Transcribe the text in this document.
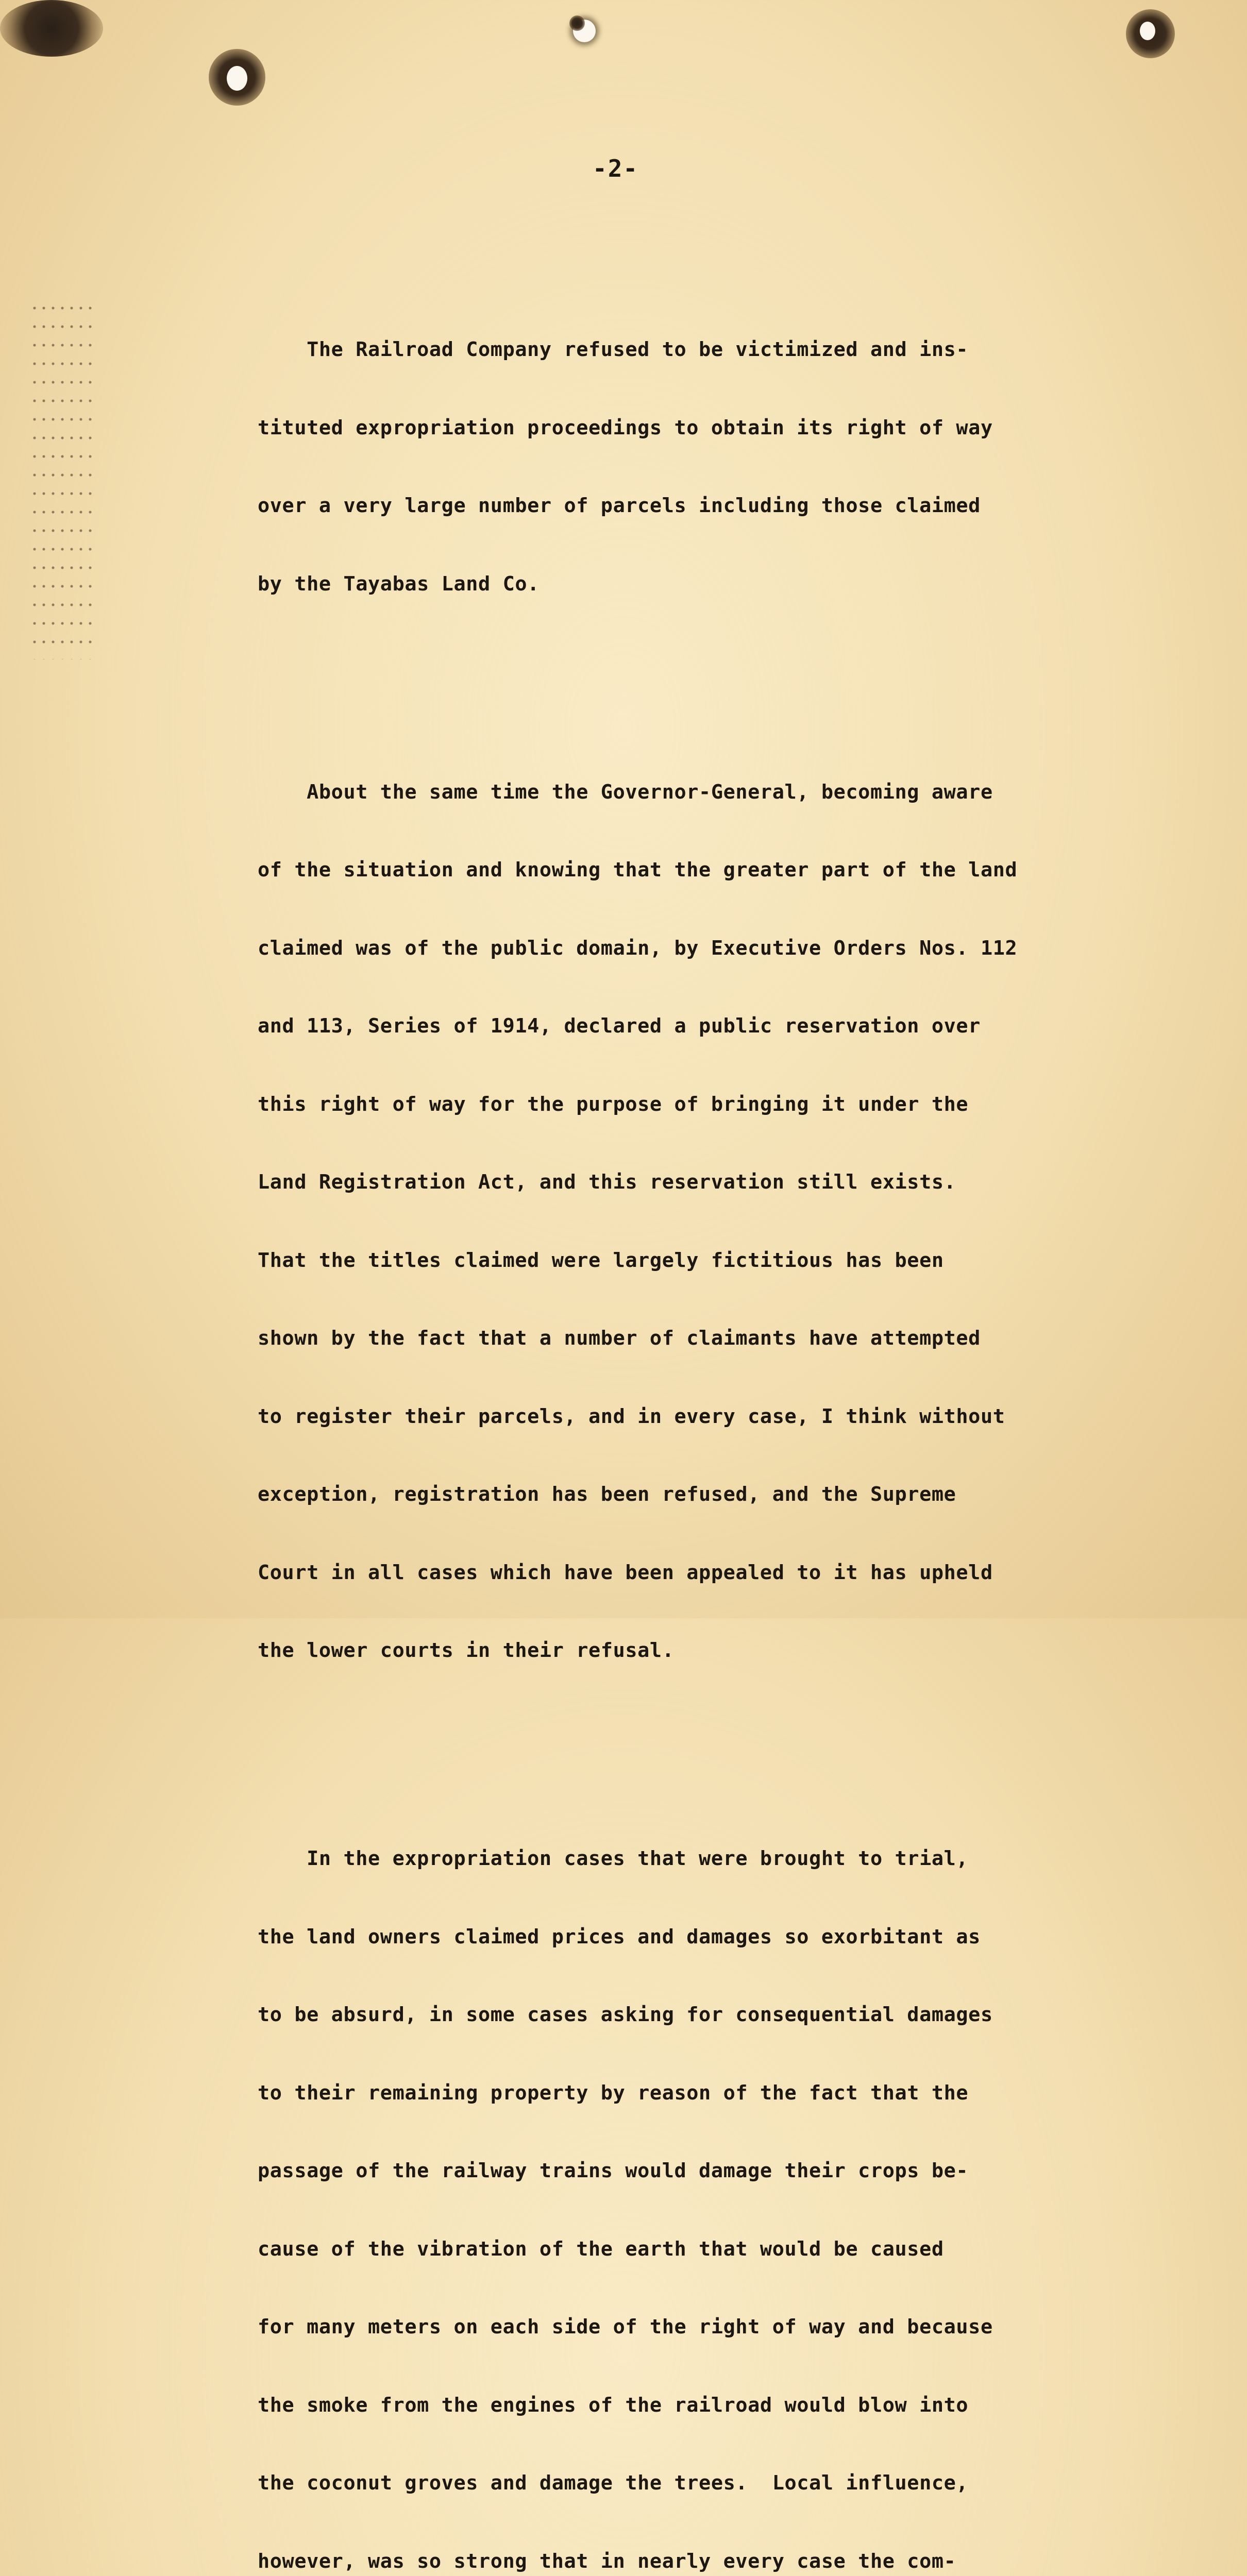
-2-

The Railroad Company refused to be victimized and ins-

tituted expropriation proceedings to obtain its right of way

over a very large number of parcels including those claimed

by the Tayabas Land Co.

About the same time the Governor-General, becoming aware

of the situation and knowing that the greater part of the land

claimed was of the public domain, by Executive Orders Nos. 112

and 113, Series of 1914, declared a public reservation over

this right of way for the purpose of bringing it under the

Land Registration Act, and this reservation still exists.

That the titles claimed were largely fictitious has been

shown by the fact that a number of claimants have attempted

to register their parcels, and in every case, I think without

exception, registration has been refused, and the Supreme

Court in all cases which have been appealed to it has upheld

the lower courts in their refusal.

In the expropriation cases that were brought to trial,

the land owners claimed prices and damages so exorbitant as

to be absurd, in some cases asking for consequential damages

to their remaining property by reason of the fact that the

passage of the railway trains would damage their crops be-

cause of the vibration of the earth that would be caused

for many meters on each side of the right of way and because

the smoke from the engines of the railroad would blow into

the coconut groves and damage the trees.  Local influence,

however, was so strong that in nearly every case the com-
